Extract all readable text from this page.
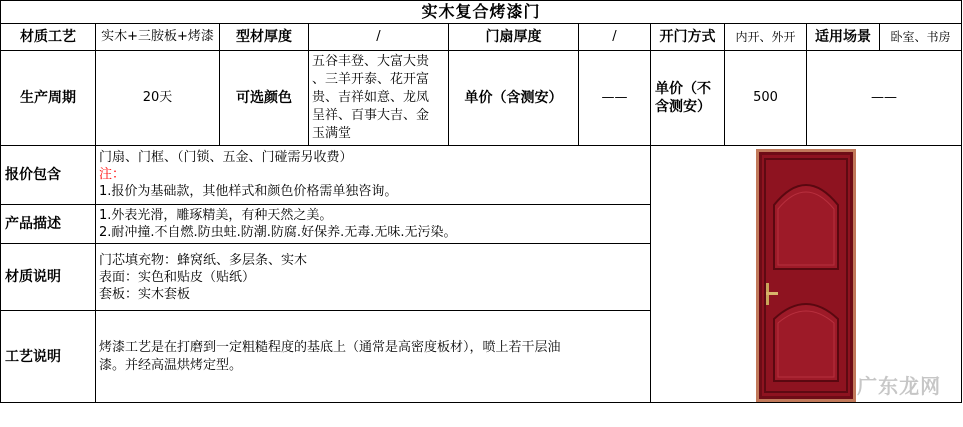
实木复合烤漆门									
材质工艺	实木+三胺板+烤漆	型材厚度	/	门扇厚度	/	开门方式	内开、外开	适用场景	卧室、书房
生产周期	20天	可选颜色	五谷丰登、大富大贵
、三羊开泰、花开富
贵、吉祥如意、龙凤
呈祥、百事大吉、金
玉满堂	单价（含测安）	——	单价（不含测安）	500	——	
报价包含	门扇、门框、（门锁、五金、门碰需另收费）
注：
1.报价为基础款，其他样式和颜色价格需单独咨询。					广东龙网			

产品描述	1.外表光滑，雕琢精美，有种天然之美。
2.耐冲撞.不自燃.防虫蛀.防潮.防腐.好保养.无毒.无味.无污染。								

材质说明	门芯填充物：蜂窝纸、多层条、实木
表面：实色和贴皮（贴纸）
套板：实木套板								

工艺说明	烤漆工艺是在打磨到一定粗糙程度的基底上（通常是高密度板材），喷上若干层油
漆。并经高温烘烤定型。								
